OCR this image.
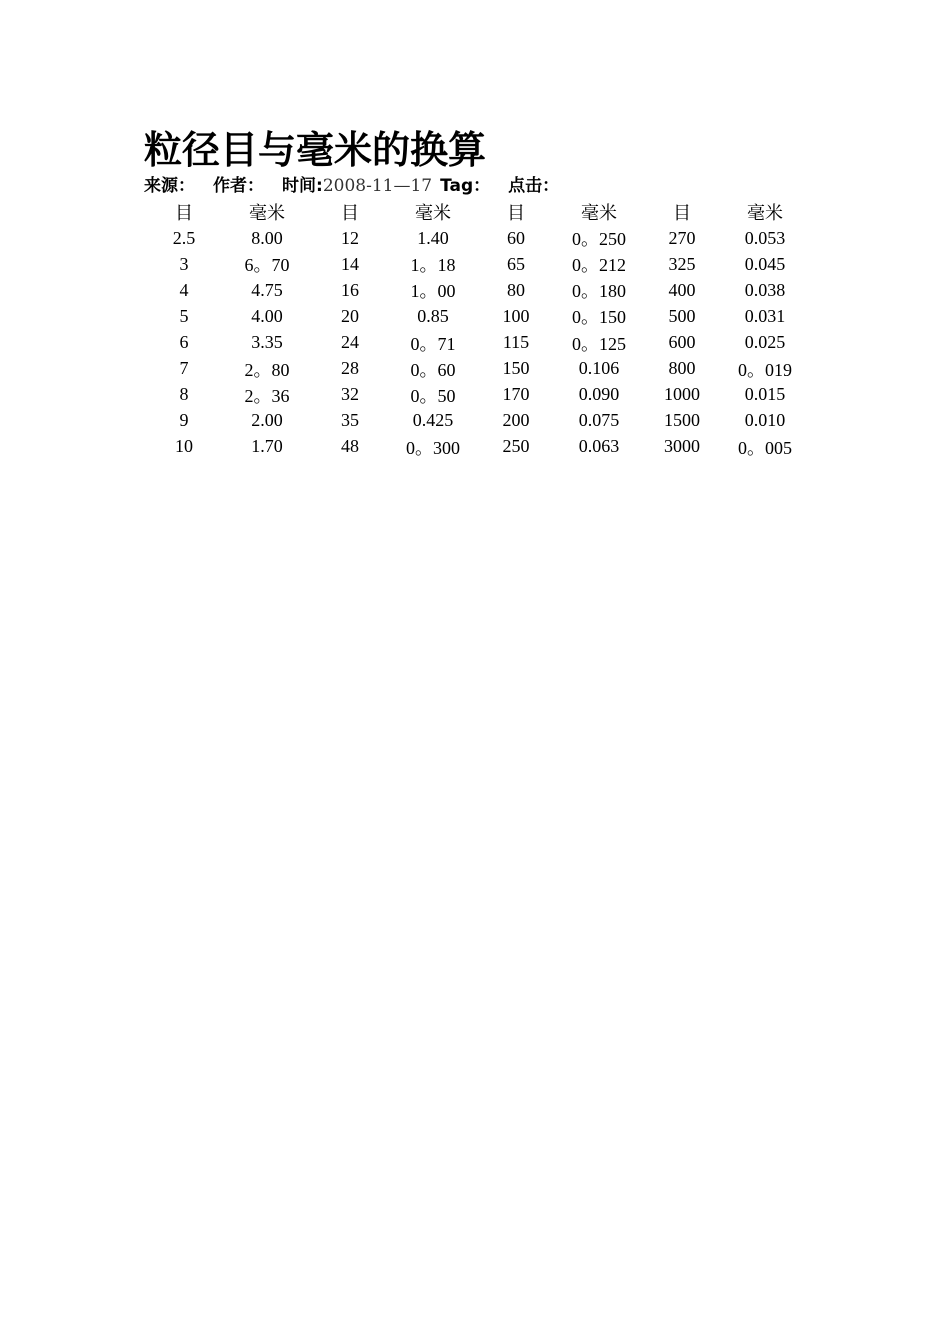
粒径目与毫米的换算
来源： 作者： 时间:2008-11—17 Tag： 点击：
目	毫米	目	毫米	目	毫米	目	毫米
2.5	8.00	12	1.40	60	0。250	270	0.053
3	6。70	14	1。18	65	0。212	325	0.045
4	4.75	16	1。00	80	0。180	400	0.038
5	4.00	20	0.85	100	0。150	500	0.031
6	3.35	24	0。71	115	0。125	600	0.025
7	2。80	28	0。60	150	0.106	800	0。019
8	2。36	32	0。50	170	0.090	1000	0.015
9	2.00	35	0.425	200	0.075	1500	0.010
10	1.70	48	0。300	250	0.063	3000	0。005
